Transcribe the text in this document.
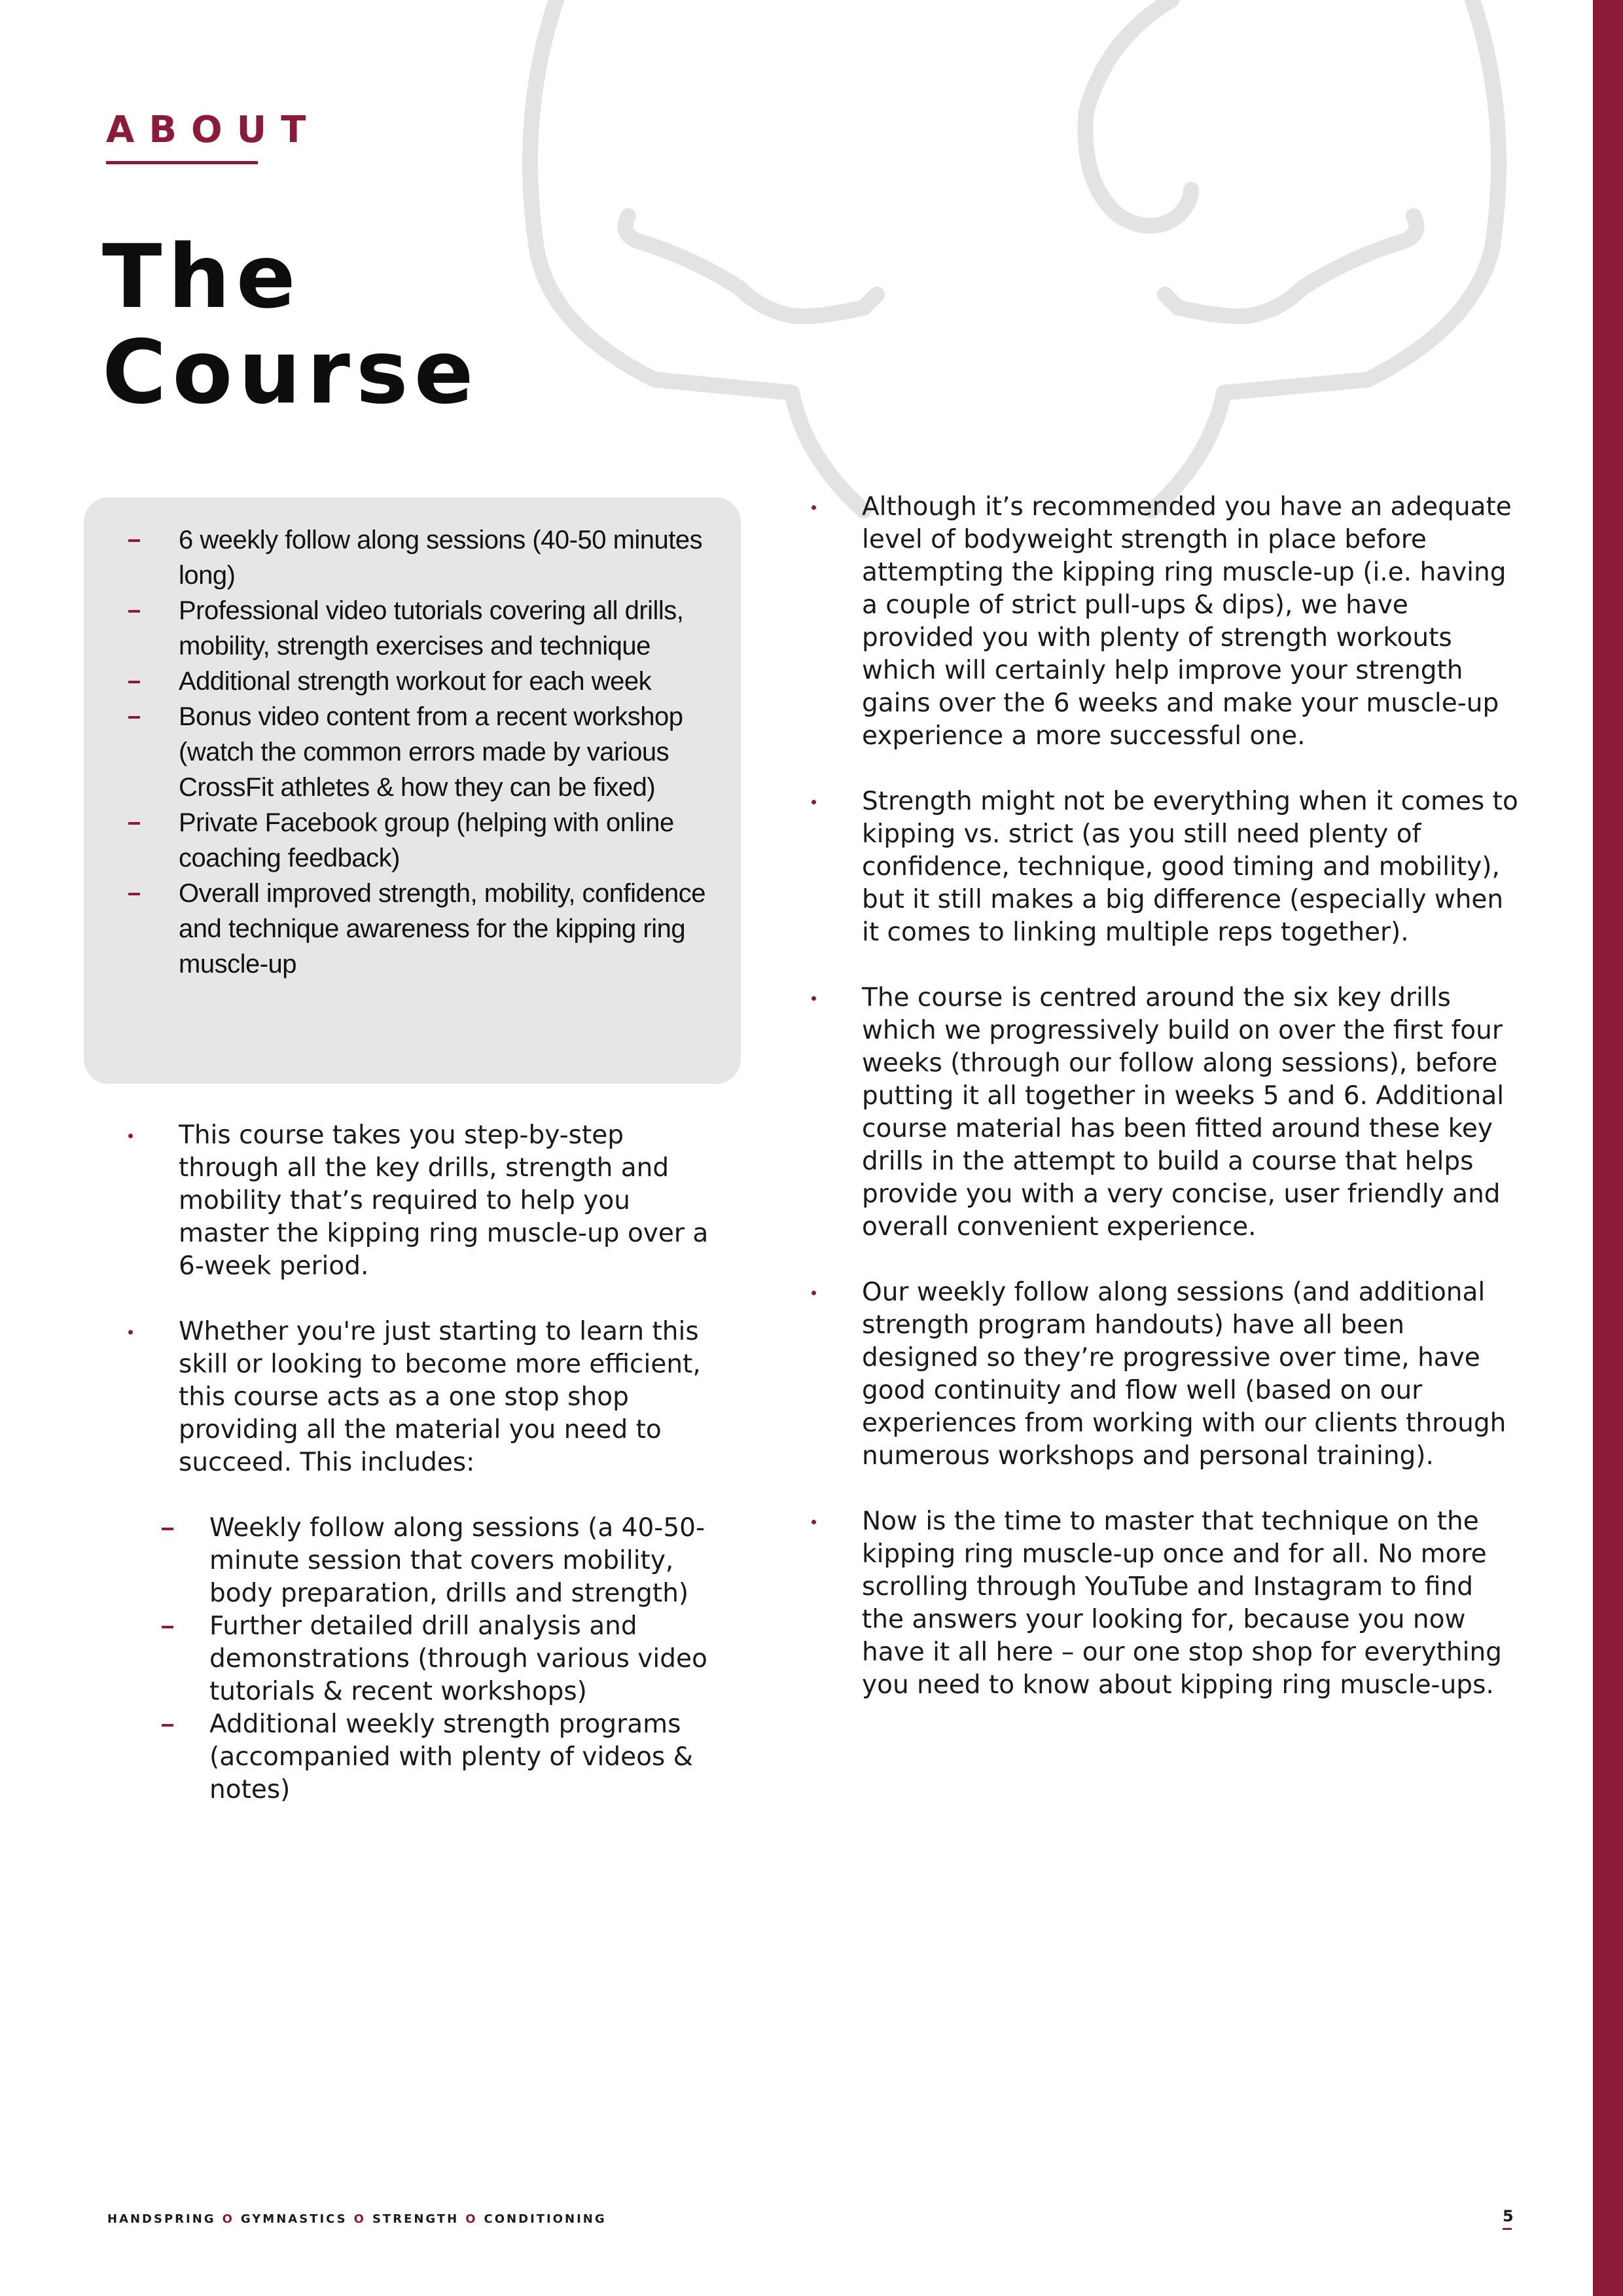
ABOUT
The
Course
6 weekly follow along sessions (40-50 minutes long)
Professional video tutorials covering all drills, mobility, strength exercises and technique
Additional strength workout for each week
Bonus video content from a recent workshop (watch the common errors made by various CrossFit athletes & how they can be fixed)
Private Facebook group (helping with online coaching feedback)
Overall improved strength, mobility, confidence and technique awareness for the kipping ring muscle-up
This course takes you step-by-step through all the key drills, strength and mobility that’s required to help you master the kipping ring muscle-up over a 6-week period.
Whether you're just starting to learn this skill or looking to become more efficient, this course acts as a one stop shop providing all the material you need to succeed. This includes:
Weekly follow along sessions (a 40-50-minute session that covers mobility, body preparation, drills and strength)
Further detailed drill analysis and demonstrations (through various video tutorials & recent workshops)
Additional weekly strength programs (accompanied with plenty of videos & notes)
Although it’s recommended you have an adequate level of bodyweight strength in place before attempting the kipping ring muscle-up (i.e. having a couple of strict pull-ups & dips), we have provided you with plenty of strength workouts which will certainly help improve your strength gains over the 6 weeks and make your muscle-up experience a more successful one.
Strength might not be everything when it comes to kipping vs. strict (as you still need plenty of confidence, technique, good timing and mobility), but it still makes a big difference (especially when it comes to linking multiple reps together).
The course is centred around the six key drills which we progressively build on over the first four weeks (through our follow along sessions), before putting it all together in weeks 5 and 6. Additional course material has been fitted around these key drills in the attempt to build a course that helps provide you with a very concise, user friendly and overall convenient experience.
Our weekly follow along sessions (and additional strength program handouts) have all been designed so they’re progressive over time, have good continuity and flow well (based on our experiences from working with our clients through numerous workshops and personal training).
Now is the time to master that technique on the kipping ring muscle-up once and for all. No more scrolling through YouTube and Instagram to find the answers your looking for, because you now have it all here – our one stop shop for everything you need to know about kipping ring muscle-ups.
HANDSPRING O GYMNASTICS O STRENGTH O CONDITIONING	5
